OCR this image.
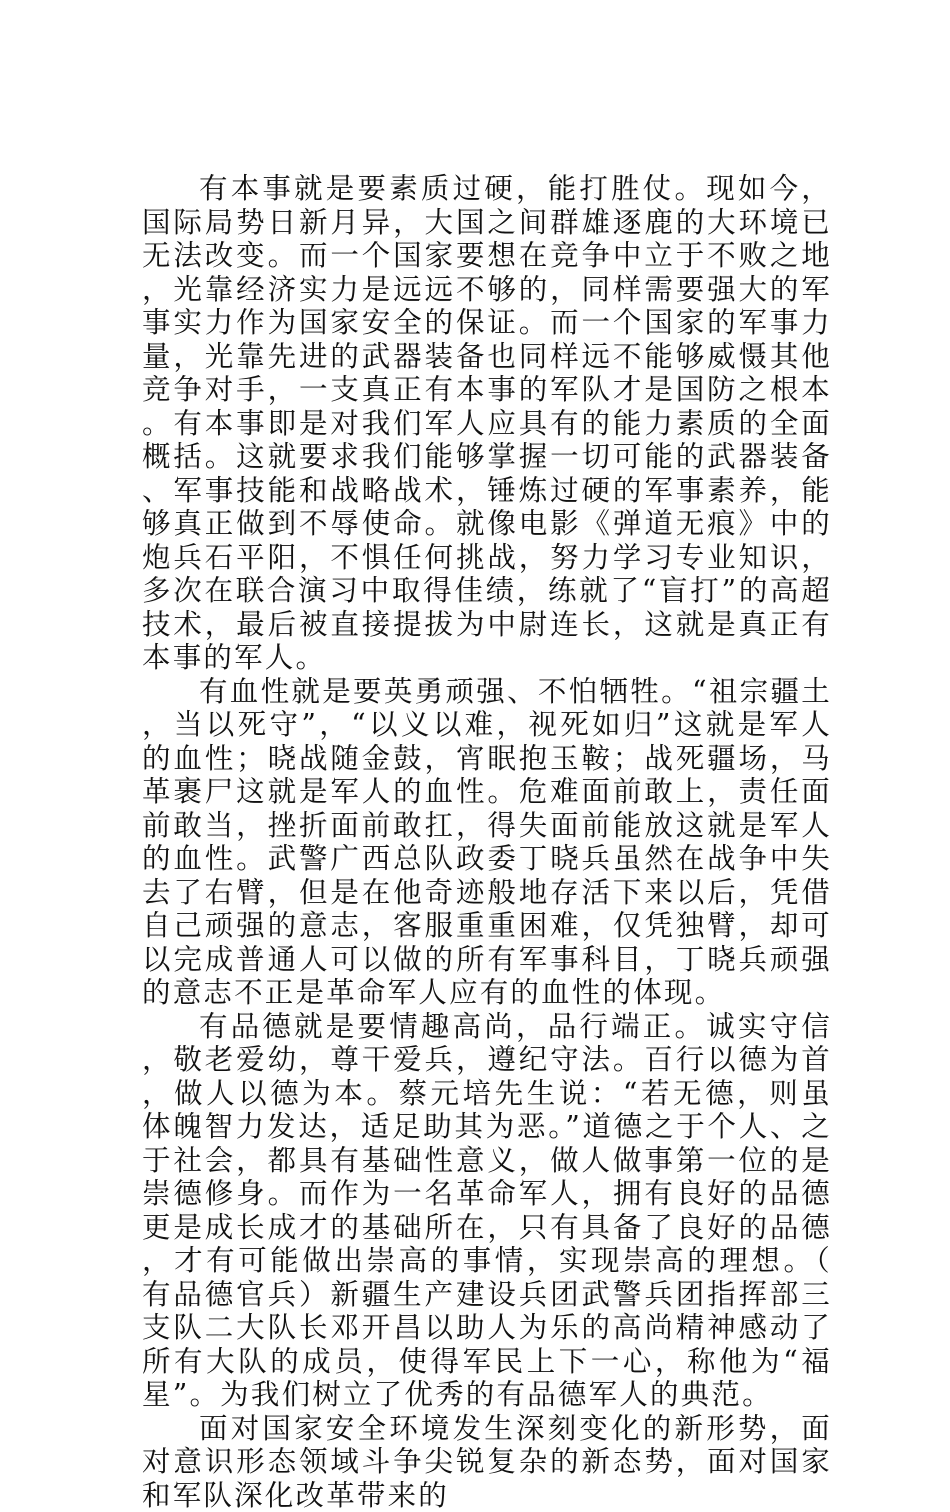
有本事就是要素质过硬，能打胜仗。现如今，国际局势日新月异，大国之间群雄逐鹿的大环境已无法改变。而一个国家要想在竞争中立于不败之地，光靠经济实力是远远不够的，同样需要强大的军事实力作为国家安全的保证。而一个国家的军事力量，光靠先进的武器装备也同样远不能够威慑其他竞争对手，一支真正有本事的军队才是国防之根本。有本事即是对我们军人应具有的能力素质的全面概括。这就要求我们能够掌握一切可能的武器装备、军事技能和战略战术，锤炼过硬的军事素养，能够真正做到不辱使命。就像电影《弹道无痕》中的炮兵石平阳，不惧任何挑战，努力学习专业知识，多次在联合演习中取得佳绩，练就了“盲打”的高超技术，最后被直接提拔为中尉连长，这就是真正有本事的军人。

有血性就是要英勇顽强、不怕牺牲。“祖宗疆土，当以死守”，“以义以难，视死如归”这就是军人的血性；晓战随金鼓，宵眠抱玉鞍；战死疆场，马革裹尸这就是军人的血性。危难面前敢上，责任面前敢当，挫折面前敢扛，得失面前能放这就是军人的血性。武警广西总队政委丁晓兵虽然在战争中失去了右臂，但是在他奇迹般地存活下来以后，凭借自己顽强的意志，客服重重困难，仅凭独臂，却可以完成普通人可以做的所有军事科目，丁晓兵顽强的意志不正是革命军人应有的血性的体现。

有品德就是要情趣高尚，品行端正。诚实守信，敬老爱幼，尊干爱兵，遵纪守法。百行以德为首，做人以德为本。蔡元培先生说：“若无德，则虽体魄智力发达，适足助其为恶。”道德之于个人、之于社会，都具有基础性意义，做人做事第一位的是崇德修身。而作为一名革命军人，拥有良好的品德更是成长成才的基础所在，只有具备了良好的品德，才有可能做出崇高的事情，实现崇高的理想。（有品德官兵）新疆生产建设兵团武警兵团指挥部三支队二大队长邓开昌以助人为乐的高尚精神感动了所有大队的成员，使得军民上下一心，称他为“福星”。为我们树立了优秀的有品德军人的典范。

面对国家安全环境发生深刻变化的新形势，面对意识形态领域斗争尖锐复杂的新态势，面对国家和军队深化改革带来的
